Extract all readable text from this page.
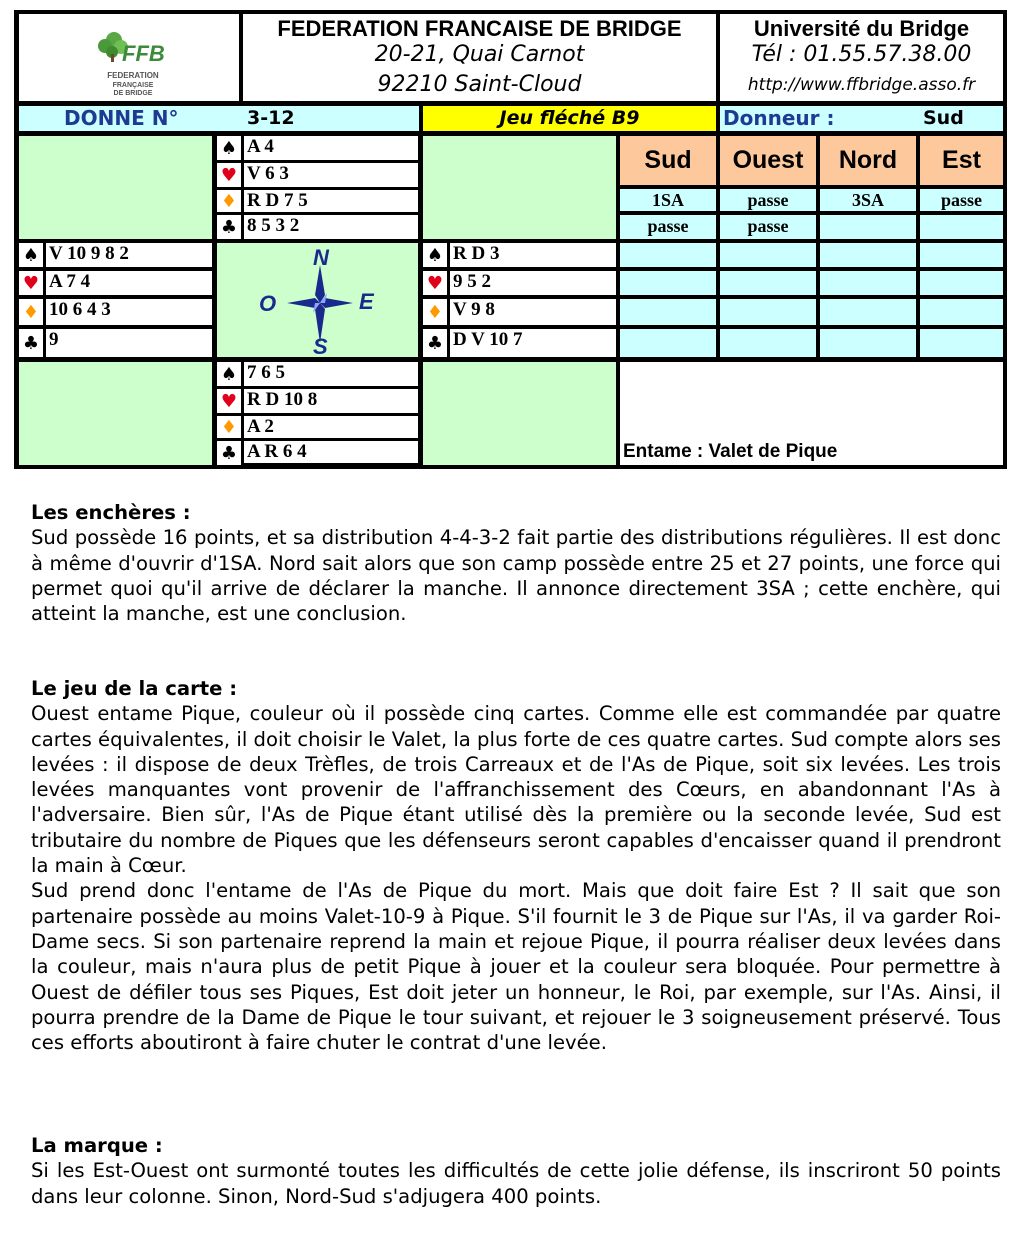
FFB
FEDERATION
FRANÇAISE
DE BRIDGE
FEDERATION FRANCAISE DE BRIDGE
20-21, Quai Carnot
92210 Saint-Cloud
Université du Bridge
Tél : 01.55.57.38.00
http://www.ffbridge.asso.fr
DONNE N°	3-12	Jeu fléché B9	Donneur :	Sud
♠ A 4
♥ V 6 3
♦ R D 7 5
♣ 8 5 3 2
♠ V 10 9 8 2
♥ A 7 4
♦ 10 6 4 3
♣ 9
N
S
O	E
♠ R D 3
♥ 9 5 2
♦ V 9 8
♣ D V 10 7
♠ 7 6 5
♥ R D 10 8
♦ A 2
♣ A R 6 4
Sud	Ouest	Nord	Est
1SA	passe	3SA	passe
passe	passe
Entame : Valet de Pique

Les enchères :

Sud possède 16 points, et sa distribution 4-4-3-2 fait partie des distributions régulières. Il est donc à même d'ouvrir d'1SA. Nord sait alors que son camp possède entre 25 et 27 points, une force qui permet quoi qu'il arrive de déclarer la manche. Il annonce directement 3SA ; cette enchère, qui atteint la manche, est une conclusion.

Le jeu de la carte :

Ouest entame Pique, couleur où il possède cinq cartes. Comme elle est commandée par quatre cartes équivalentes, il doit choisir le Valet, la plus forte de ces quatre cartes. Sud compte alors ses levées : il dispose de deux Trèfles, de trois Carreaux et de l'As de Pique, soit six levées. Les trois levées manquantes vont provenir de l'affranchissement des Cœurs, en abandonnant l'As à l'adversaire. Bien sûr, l'As de Pique étant utilisé dès la première ou la seconde levée, Sud est tributaire du nombre de Piques que les défenseurs seront capables d'encaisser quand il prendront la main à Cœur.

Sud prend donc l'entame de l'As de Pique du mort. Mais que doit faire Est ? Il sait que son partenaire possède au moins Valet-10-9 à Pique. S'il fournit le 3 de Pique sur l'As, il va garder Roi-Dame secs. Si son partenaire reprend la main et rejoue Pique, il pourra réaliser deux levées dans la couleur, mais n'aura plus de petit Pique à jouer et la couleur sera bloquée. Pour permettre à Ouest de défiler tous ses Piques, Est doit jeter un honneur, le Roi, par exemple, sur l'As. Ainsi, il pourra prendre de la Dame de Pique le tour suivant, et rejouer le 3 soigneusement préservé. Tous ces efforts aboutiront à faire chuter le contrat d'une levée.

La marque :

Si les Est-Ouest ont surmonté toutes les difficultés de cette jolie défense, ils inscriront 50 points dans leur colonne. Sinon, Nord-Sud s'adjugera 400 points.
